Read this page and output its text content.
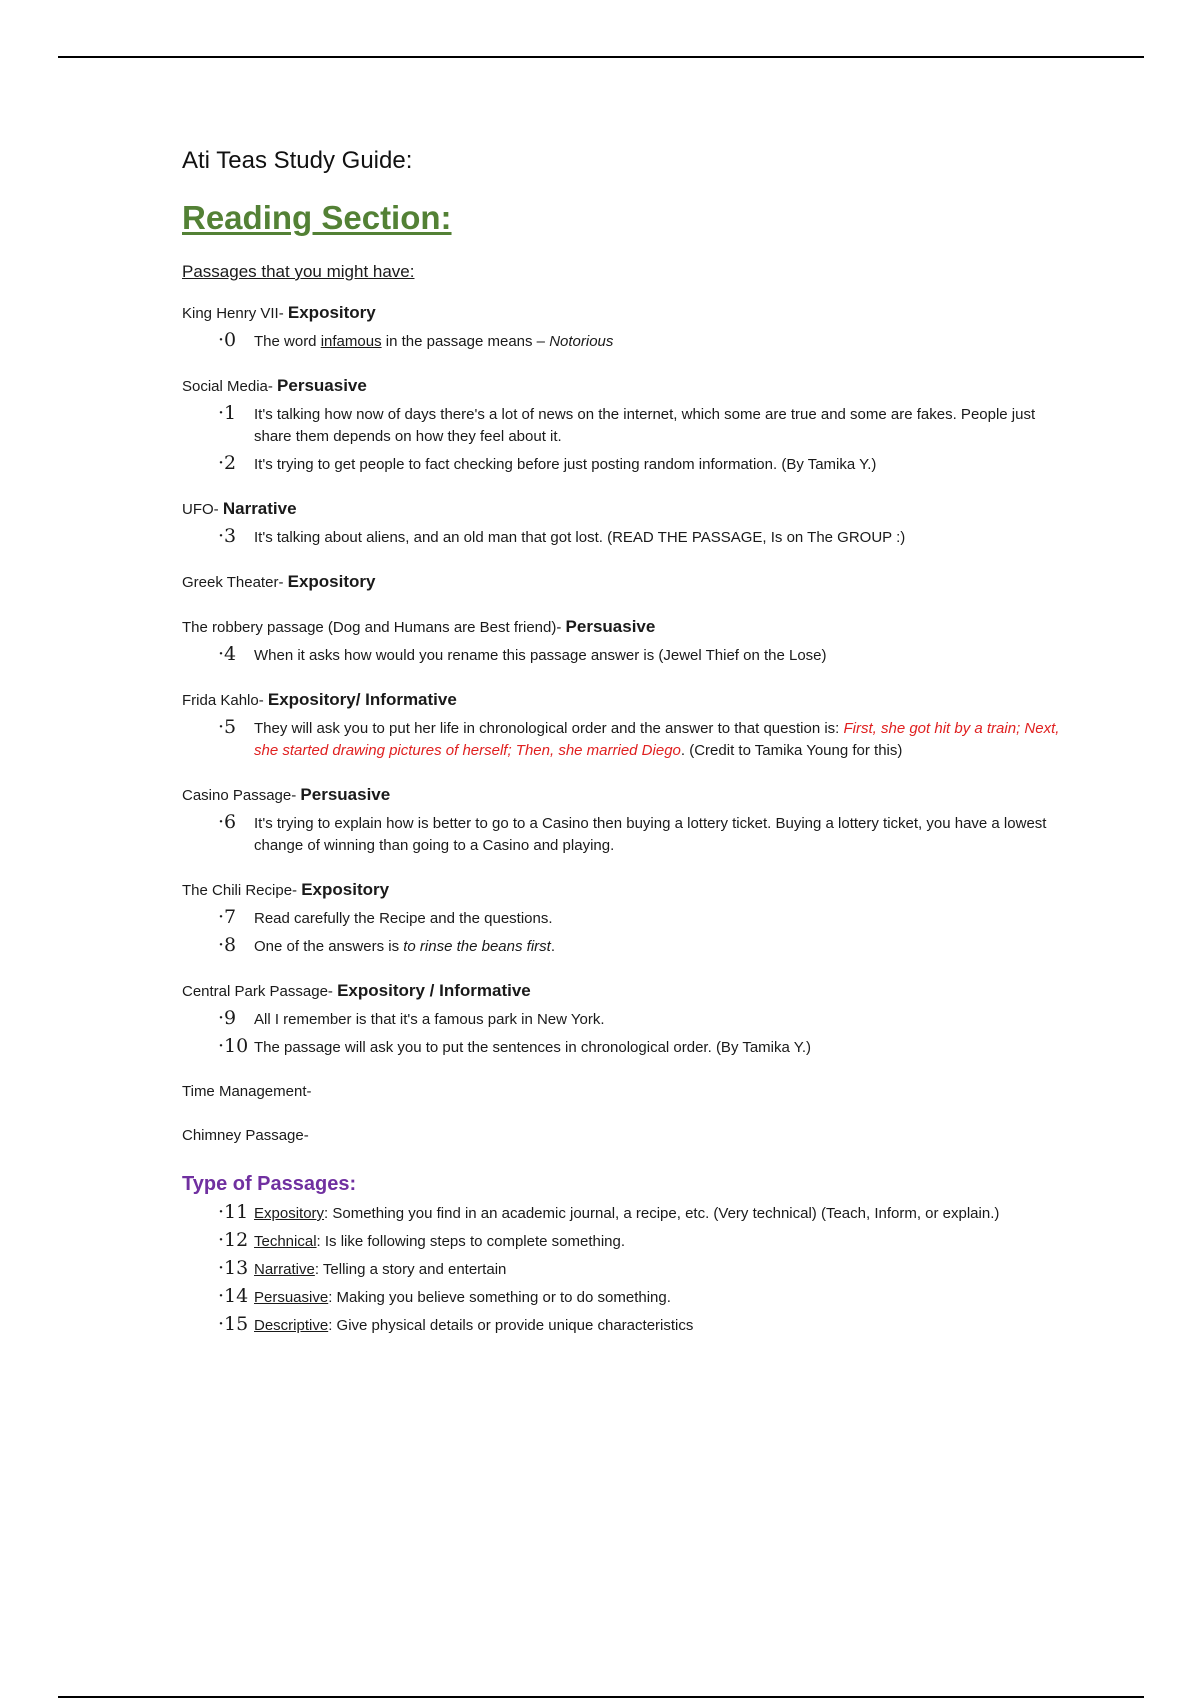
Ati Teas Study Guide:
Reading Section:
Passages that you might have:
King Henry VII- Expository
·0 The word infamous in the passage means – Notorious
Social Media- Persuasive
·1 It's talking how now of days there's a lot of news on the internet, which some are true and some are fakes. People just share them depends on how they feel about it.
·2 It's trying to get people to fact checking before just posting random information. (By Tamika Y.)
UFO- Narrative
·3 It's talking about aliens, and an old man that got lost. (READ THE PASSAGE, Is on The GROUP :)
Greek Theater- Expository
The robbery passage (Dog and Humans are Best friend)- Persuasive
·4 When it asks how would you rename this passage answer is (Jewel Thief on the Lose)
Frida Kahlo- Expository/ Informative
·5 They will ask you to put her life in chronological order and the answer to that question is: First, she got hit by a train; Next, she started drawing pictures of herself; Then, she married Diego. (Credit to Tamika Young for this)
Casino Passage- Persuasive
·6 It's trying to explain how is better to go to a Casino then buying a lottery ticket. Buying a lottery ticket, you have a lowest change of winning than going to a Casino and playing.
The Chili Recipe- Expository
·7 Read carefully the Recipe and the questions.
·8 One of the answers is to rinse the beans first.
Central Park Passage- Expository / Informative
·9 All I remember is that it's a famous park in New York.
·10 The passage will ask you to put the sentences in chronological order. (By Tamika Y.)
Time Management-
Chimney Passage-
Type of Passages:
·11 Expository: Something you find in an academic journal, a recipe, etc. (Very technical) (Teach, Inform, or explain.)
·12 Technical: Is like following steps to complete something.
·13 Narrative: Telling a story and entertain
·14 Persuasive: Making you believe something or to do something.
·15 Descriptive: Give physical details or provide unique characteristics
